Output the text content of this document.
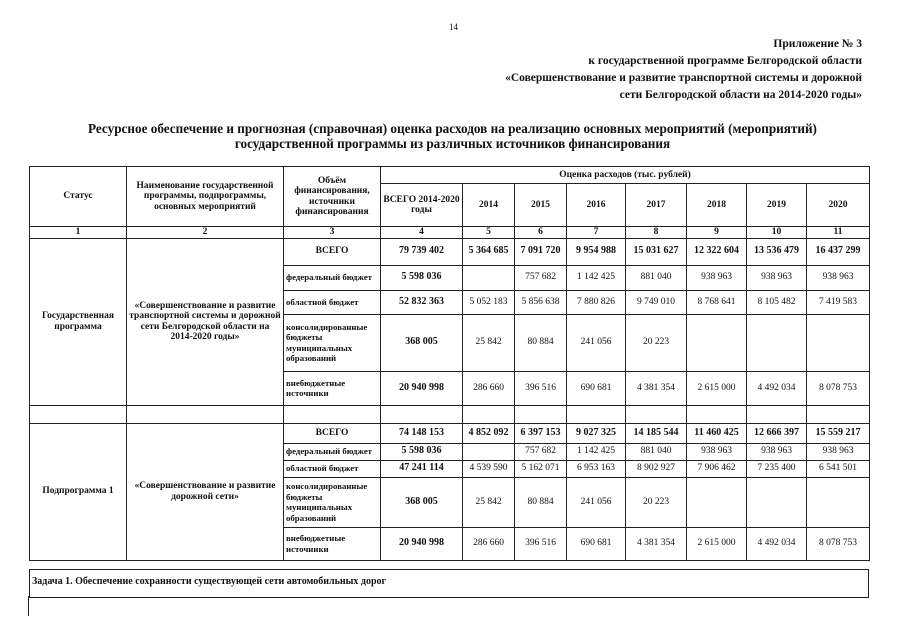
14
Приложение № 3
к государственной программе Белгородской области
«Совершенствование и развитие транспортной системы и дорожной
сети Белгородской области на 2014-2020 годы»
Ресурсное обеспечение и прогнозная (справочная) оценка расходов на реализацию основных мероприятий (мероприятий)
государственной программы из различных источников финансирования
Статус	Наименование государственной программы, подпрограммы, основных мероприятий	Объём финансирования, источники финансирования	Оценка расходов (тыс. рублей)							
			ВСЕГО 2014-2020 годы	2014	2015	2016	2017	2018	2019	2020
1	2	3	4	5	6	7	8	9	10	11
Государственная программа	«Совершенствование и развитие транспортной системы и дорожной сети Белгородской области на 2014-2020 годы»	ВСЕГО	79 739 402	5 364 685	7 091 720	9 954 988	15 031 627	12 322 604	13 536 479	16 437 299
		федеральный бюджет	5 598 036		757 682	1 142 425	881 040	938 963	938 963	938 963
		областной бюджет	52 832 363	5 052 183	5 856 638	7 880 826	9 749 010	8 768 641	8 105 482	7 419 583
		консолидированные бюджеты муниципальных образований	368 005	25 842	80 884	241 056	20 223			
		внебюджетные источники	20 940 998	286 660	396 516	690 681	4 381 354	2 615 000	4 492 034	8 078 753

Подпрограмма 1	«Совершенствование и развитие дорожной сети»	ВСЕГО	74 148 153	4 852 092	6 397 153	9 027 325	14 185 544	11 460 425	12 666 397	15 559 217
		федеральный бюджет	5 598 036		757 682	1 142 425	881 040	938 963	938 963	938 963
		областной бюджет	47 241 114	4 539 590	5 162 071	6 953 163	8 902 927	7 906 462	7 235 400	6 541 501
		консолидированные бюджеты муниципальных образований	368 005	25 842	80 884	241 056	20 223			
		внебюджетные источники	20 940 998	286 660	396 516	690 681	4 381 354	2 615 000	4 492 034	8 078 753
Задача 1. Обеспечение сохранности существующей сети автомобильных дорог
